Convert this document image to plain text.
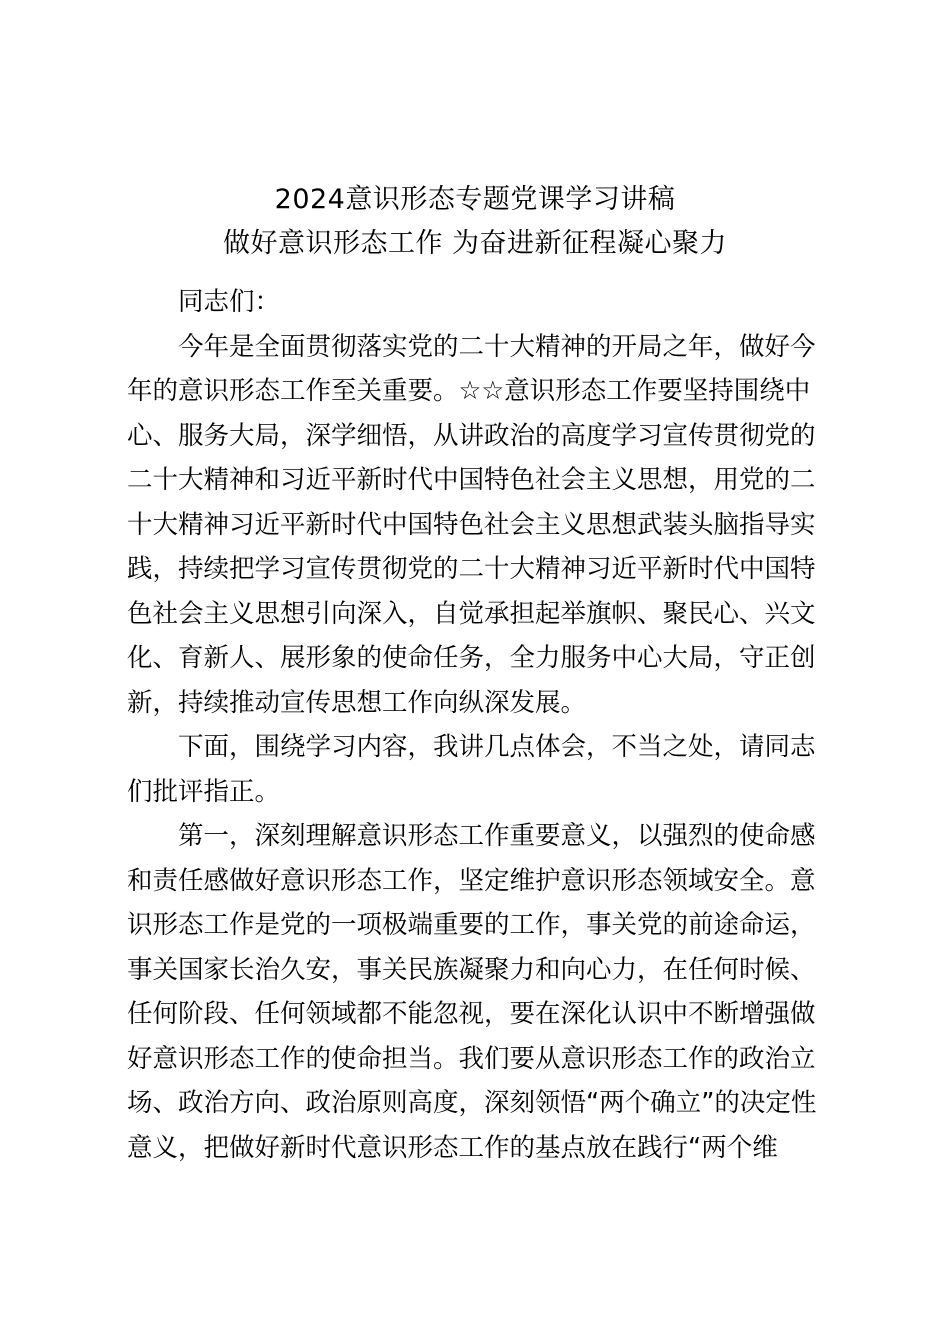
2024意识形态专题党课学习讲稿
做好意识形态工作 为奋进新征程凝心聚力
同志们：
今年是全面贯彻落实党的二十大精神的开局之年，做好今
年的意识形态工作至关重要。☆☆意识形态工作要坚持围绕中
心、服务大局，深学细悟，从讲政治的高度学习宣传贯彻党的
二十大精神和习近平新时代中国特色社会主义思想，用党的二
十大精神习近平新时代中国特色社会主义思想武装头脑指导实
践，持续把学习宣传贯彻党的二十大精神习近平新时代中国特
色社会主义思想引向深入，自觉承担起举旗帜、聚民心、兴文
化、育新人、展形象的使命任务，全力服务中心大局，守正创
新，持续推动宣传思想工作向纵深发展。
下面，围绕学习内容，我讲几点体会，不当之处，请同志
们批评指正。
第一，深刻理解意识形态工作重要意义，以强烈的使命感
和责任感做好意识形态工作，坚定维护意识形态领域安全。意
识形态工作是党的一项极端重要的工作，事关党的前途命运，
事关国家长治久安，事关民族凝聚力和向心力，在任何时候、
任何阶段、任何领域都不能忽视，要在深化认识中不断增强做
好意识形态工作的使命担当。我们要从意识形态工作的政治立
场、政治方向、政治原则高度，深刻领悟“两个确立”的决定性
意义，把做好新时代意识形态工作的基点放在践行“两个维
